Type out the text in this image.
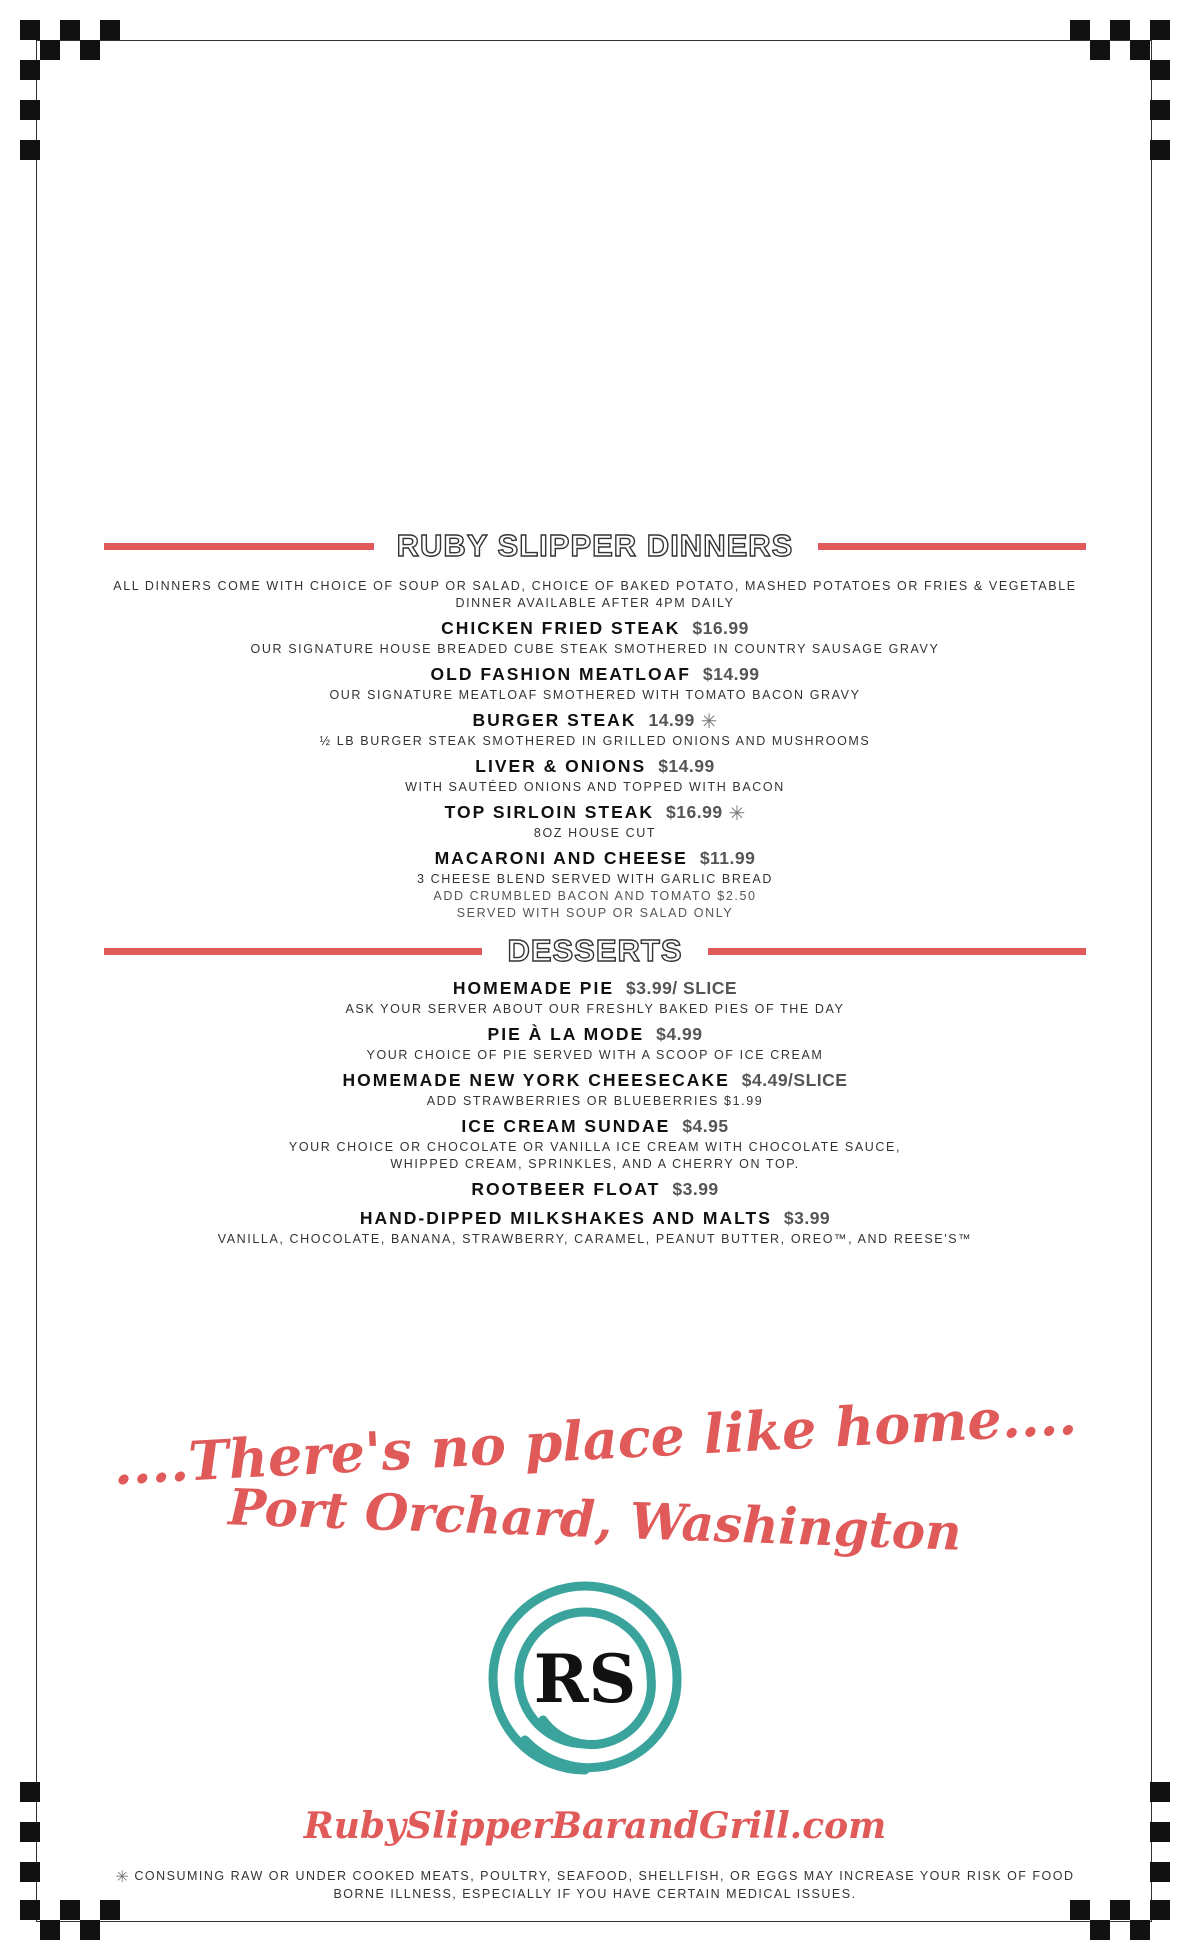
RUBY SLIPPER DINNERS
ALL DINNERS COME WITH CHOICE OF SOUP OR SALAD, CHOICE OF BAKED POTATO, MASHED POTATOES OR FRIES & VEGETABLE
DINNER AVAILABLE AFTER 4PM DAILY
CHICKEN FRIED STEAK $16.99
OUR SIGNATURE HOUSE BREADED CUBE STEAK SMOTHERED IN COUNTRY SAUSAGE GRAVY
OLD FASHION MEATLOAF $14.99
OUR SIGNATURE MEATLOAF SMOTHERED WITH TOMATO BACON GRAVY
BURGER STEAK 14.99 ✳
½ LB BURGER STEAK SMOTHERED IN GRILLED ONIONS AND MUSHROOMS
LIVER & ONIONS $14.99
WITH SAUTÉED ONIONS AND TOPPED WITH BACON
TOP SIRLOIN STEAK $16.99 ✳
8OZ HOUSE CUT
MACARONI AND CHEESE $11.99
3 CHEESE BLEND SERVED WITH GARLIC BREAD
ADD CRUMBLED BACON AND TOMATO $2.50
SERVED WITH SOUP OR SALAD ONLY
DESSERTS
HOMEMADE PIE $3.99/ SLICE
ASK YOUR SERVER ABOUT OUR FRESHLY BAKED PIES OF THE DAY
PIE À LA MODE $4.99
YOUR CHOICE OF PIE SERVED WITH A SCOOP OF ICE CREAM
HOMEMADE NEW YORK CHEESECAKE $4.49/SLICE
ADD STRAWBERRIES OR BLUEBERRIES $1.99
ICE CREAM SUNDAE $4.95
YOUR CHOICE OR CHOCOLATE OR VANILLA ICE CREAM WITH CHOCOLATE SAUCE,
WHIPPED CREAM, SPRINKLES, AND A CHERRY ON TOP.
ROOTBEER FLOAT $3.99
HAND-DIPPED MILKSHAKES AND MALTS $3.99
VANILLA, CHOCOLATE, BANANA, STRAWBERRY, CARAMEL, PEANUT BUTTER, OREO™, AND REESE'S™
....There's no place like home....
Port Orchard, Washington
RS
RubySlipperBarandGrill.com
✳ CONSUMING RAW OR UNDER COOKED MEATS, POULTRY, SEAFOOD, SHELLFISH, OR EGGS MAY INCREASE YOUR RISK OF FOOD
BORNE ILLNESS, ESPECIALLY IF YOU HAVE CERTAIN MEDICAL ISSUES.
